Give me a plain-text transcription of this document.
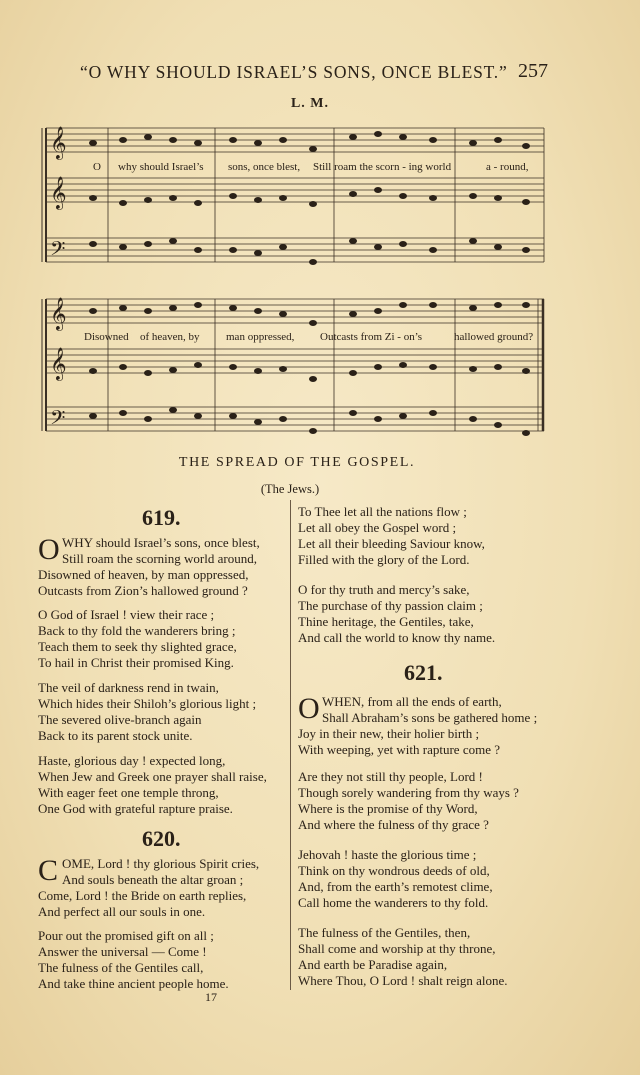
“O WHY SHOULD ISRAEL’S SONS, ONCE BLEST.” 257
L. M.
𝄞
𝄞
𝄢
O why should Israel’s sons, once blest, Still roam the scorn - ing world	a - round,
𝄞
𝄞
𝄢
Disowned of heaven, by man oppressed, Outcasts from Zi - on’s	hallowed ground?
THE SPREAD OF THE GOSPEL.
(The Jews.)
619.
O WHY should Israel’s sons, once blest,
Still roam the scorning world around,
Disowned of heaven, by man oppressed,
Outcasts from Zion’s hallowed ground ?
O God of Israel ! view their race ;
Back to thy fold the wanderers bring ;
Teach them to seek thy slighted grace,
To hail in Christ their promised King.
The veil of darkness rend in twain,
Which hides their Shiloh’s glorious light ;
The severed olive-branch again
Back to its parent stock unite.
Haste, glorious day ! expected long,
When Jew and Greek one prayer shall raise,
With eager feet one temple throng,
One God with grateful rapture praise.
620.
C OME, Lord ! thy glorious Spirit cries,
And souls beneath the altar groan ;
Come, Lord ! the Bride on earth replies,
And perfect all our souls in one.
Pour out the promised gift on all ;
Answer the universal — Come !
The fulness of the Gentiles call,
And take thine ancient people home.
17
To Thee let all the nations flow ;
Let all obey the Gospel word ;
Let all their bleeding Saviour know,
Filled with the glory of the Lord.
O for thy truth and mercy’s sake,
The purchase of thy passion claim ;
Thine heritage, the Gentiles, take,
And call the world to know thy name.
621.
O WHEN, from all the ends of earth,
Shall Abraham’s sons be gathered home ;
Joy in their new, their holier birth ;
With weeping, yet with rapture come ?
Are they not still thy people, Lord !
Though sorely wandering from thy ways ?
Where is the promise of thy Word,
And where the fulness of thy grace ?
Jehovah ! haste the glorious time ;
Think on thy wondrous deeds of old,
And, from the earth’s remotest clime,
Call home the wanderers to thy fold.
The fulness of the Gentiles, then,
Shall come and worship at thy throne,
And earth be Paradise again,
Where Thou, O Lord ! shalt reign alone.
